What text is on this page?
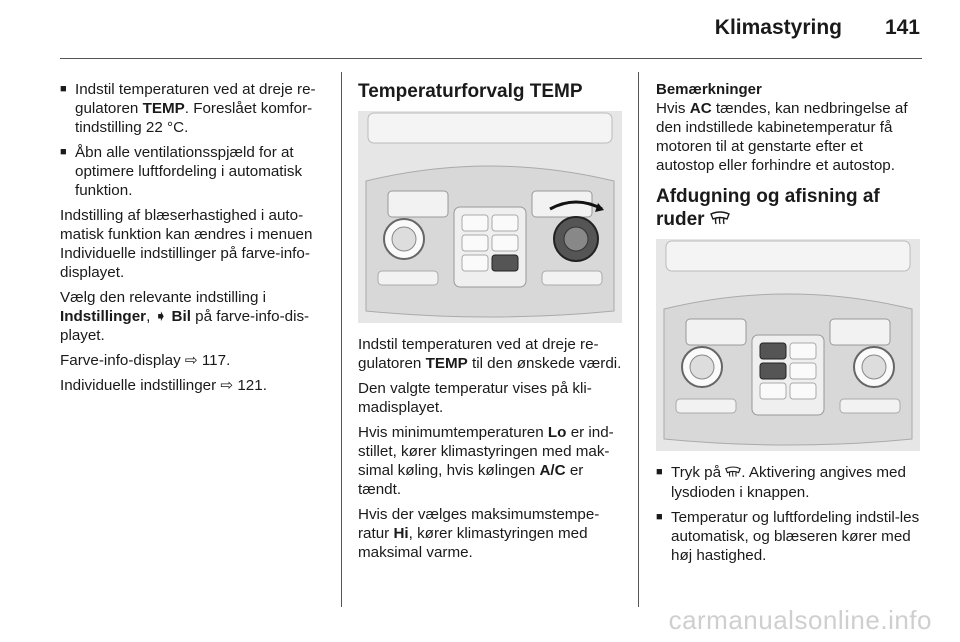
Klimastyring 141
■ Indstil temperaturen ved at dreje re-gulatoren TEMP. Foreslået komfor-tindstilling 22 °C.
■ Åbn alle ventilationsspjæld for at optimere luftfordeling i automatisk funktion.

Indstilling af blæserhastighed i auto-matisk funktion kan ændres i menuen Individuelle indstillinger på farve-info-displayet.

Vælg den relevante indstilling i Indstillinger, ➧ Bil på farve-info-dis-playet.

Farve-info-display ⇨ 117.

Individuelle indstillinger ⇨ 121.

Temperaturforvalg TEMP

Indstil temperaturen ved at dreje re-gulatoren TEMP til den ønskede værdi.

Den valgte temperatur vises på kli-madisplayet.

Hvis minimumtemperaturen Lo er ind-stillet, kører klimastyringen med mak-simal køling, hvis kølingen A/C er tændt.

Hvis der vælges maksimumstempe-ratur Hi, kører klimastyringen med maksimal varme.

Bemærkninger

Hvis AC tændes, kan nedbringelse af den indstillede kabinetemperatur få motoren til at genstarte efter et autostop eller forhindre et autostop.

Afdugning og afisning af ruder
■ Tryk på . Aktivering angives med lysdioden i knappen.
■ Temperatur og luftfordeling indstil-les automatisk, og blæseren kører med høj hastighed.
carmanualsonline.info
